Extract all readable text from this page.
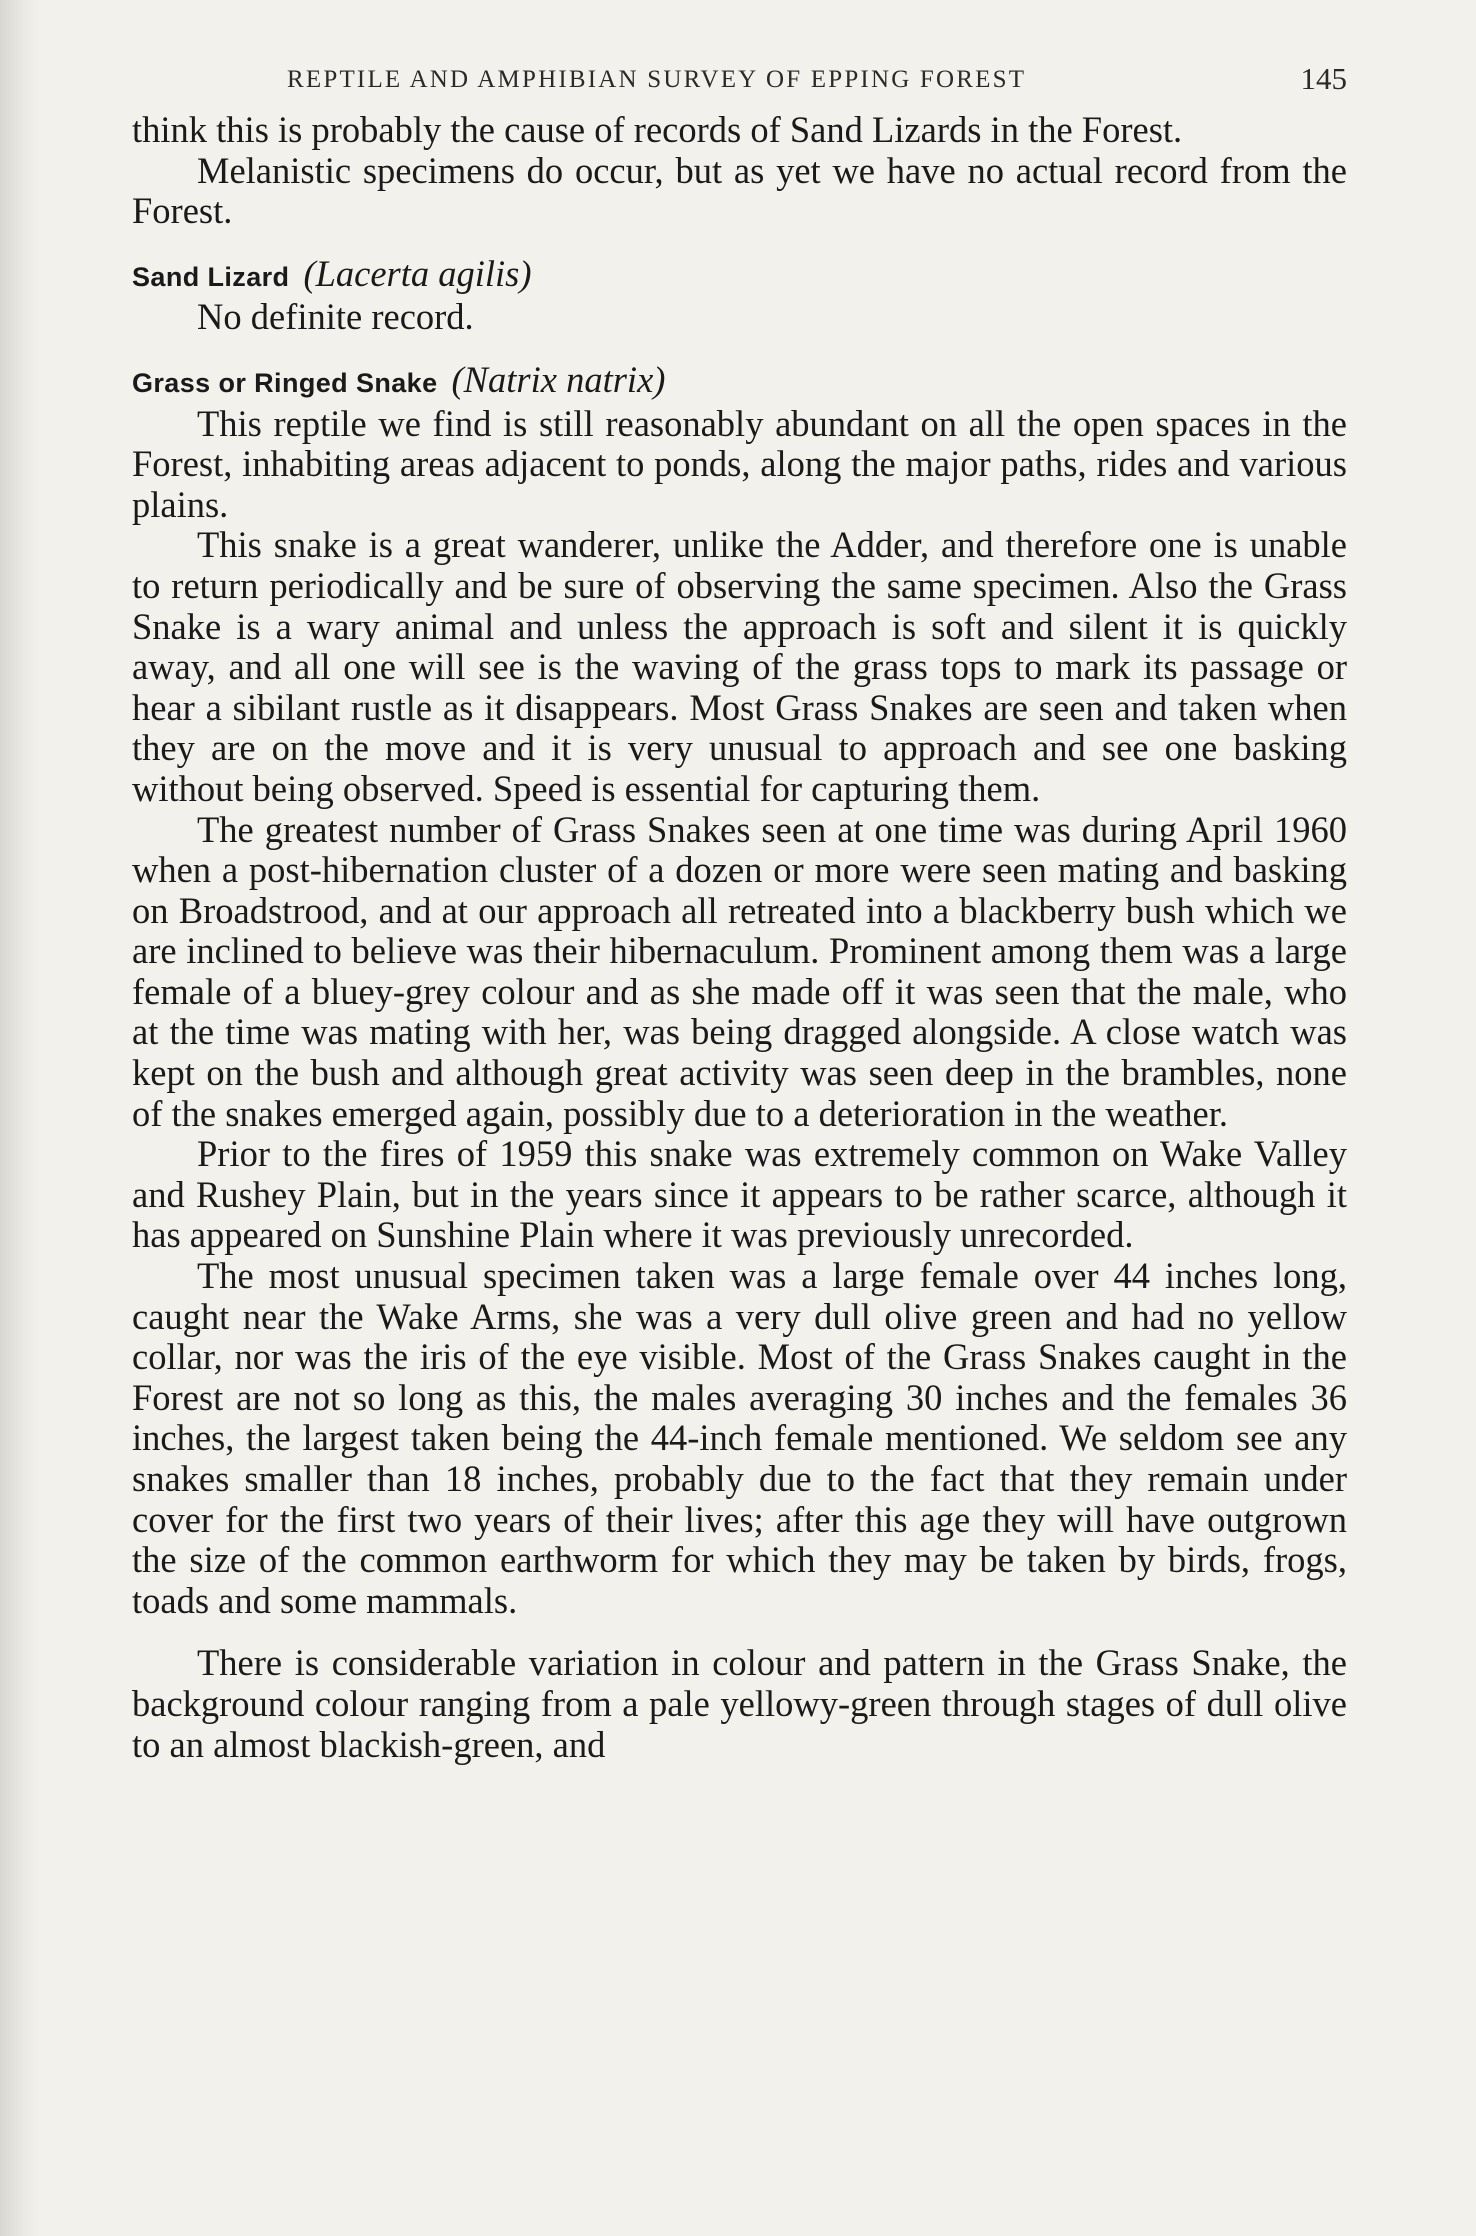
REPTILE AND AMPHIBIAN SURVEY OF EPPING FOREST	145

think this is probably the cause of records of Sand Lizards in the Forest.

Melanistic specimens do occur, but as yet we have no actual record from the Forest.

Sand Lizard (Lacerta agilis)

No definite record.

Grass or Ringed Snake (Natrix natrix)

This reptile we find is still reasonably abundant on all the open spaces in the Forest, inhabiting areas adjacent to ponds, along the major paths, rides and various plains.

This snake is a great wanderer, unlike the Adder, and therefore one is unable to return periodically and be sure of observing the same specimen. Also the Grass Snake is a wary animal and unless the approach is soft and silent it is quickly away, and all one will see is the waving of the grass tops to mark its passage or hear a sibilant rustle as it disappears. Most Grass Snakes are seen and taken when they are on the move and it is very unusual to approach and see one basking without being observed. Speed is essential for capturing them.

The greatest number of Grass Snakes seen at one time was during April 1960 when a post-hibernation cluster of a dozen or more were seen mating and basking on Broadstrood, and at our approach all retreated into a blackberry bush which we are inclined to believe was their hibernaculum. Prominent among them was a large female of a bluey-grey colour and as she made off it was seen that the male, who at the time was mating with her, was being dragged alongside. A close watch was kept on the bush and although great activity was seen deep in the brambles, none of the snakes emerged again, possibly due to a deterioration in the weather.

Prior to the fires of 1959 this snake was extremely common on Wake Valley and Rushey Plain, but in the years since it appears to be rather scarce, although it has appeared on Sunshine Plain where it was previously unrecorded.

The most unusual specimen taken was a large female over 44 inches long, caught near the Wake Arms, she was a very dull olive green and had no yellow collar, nor was the iris of the eye visible. Most of the Grass Snakes caught in the Forest are not so long as this, the males averaging 30 inches and the females 36 inches, the largest taken being the 44-inch female mentioned. We seldom see any snakes smaller than 18 inches, probably due to the fact that they remain under cover for the first two years of their lives; after this age they will have outgrown the size of the common earthworm for which they may be taken by birds, frogs, toads and some mammals.

There is considerable variation in colour and pattern in the Grass Snake, the background colour ranging from a pale yellowy-green through stages of dull olive to an almost blackish-green, and
